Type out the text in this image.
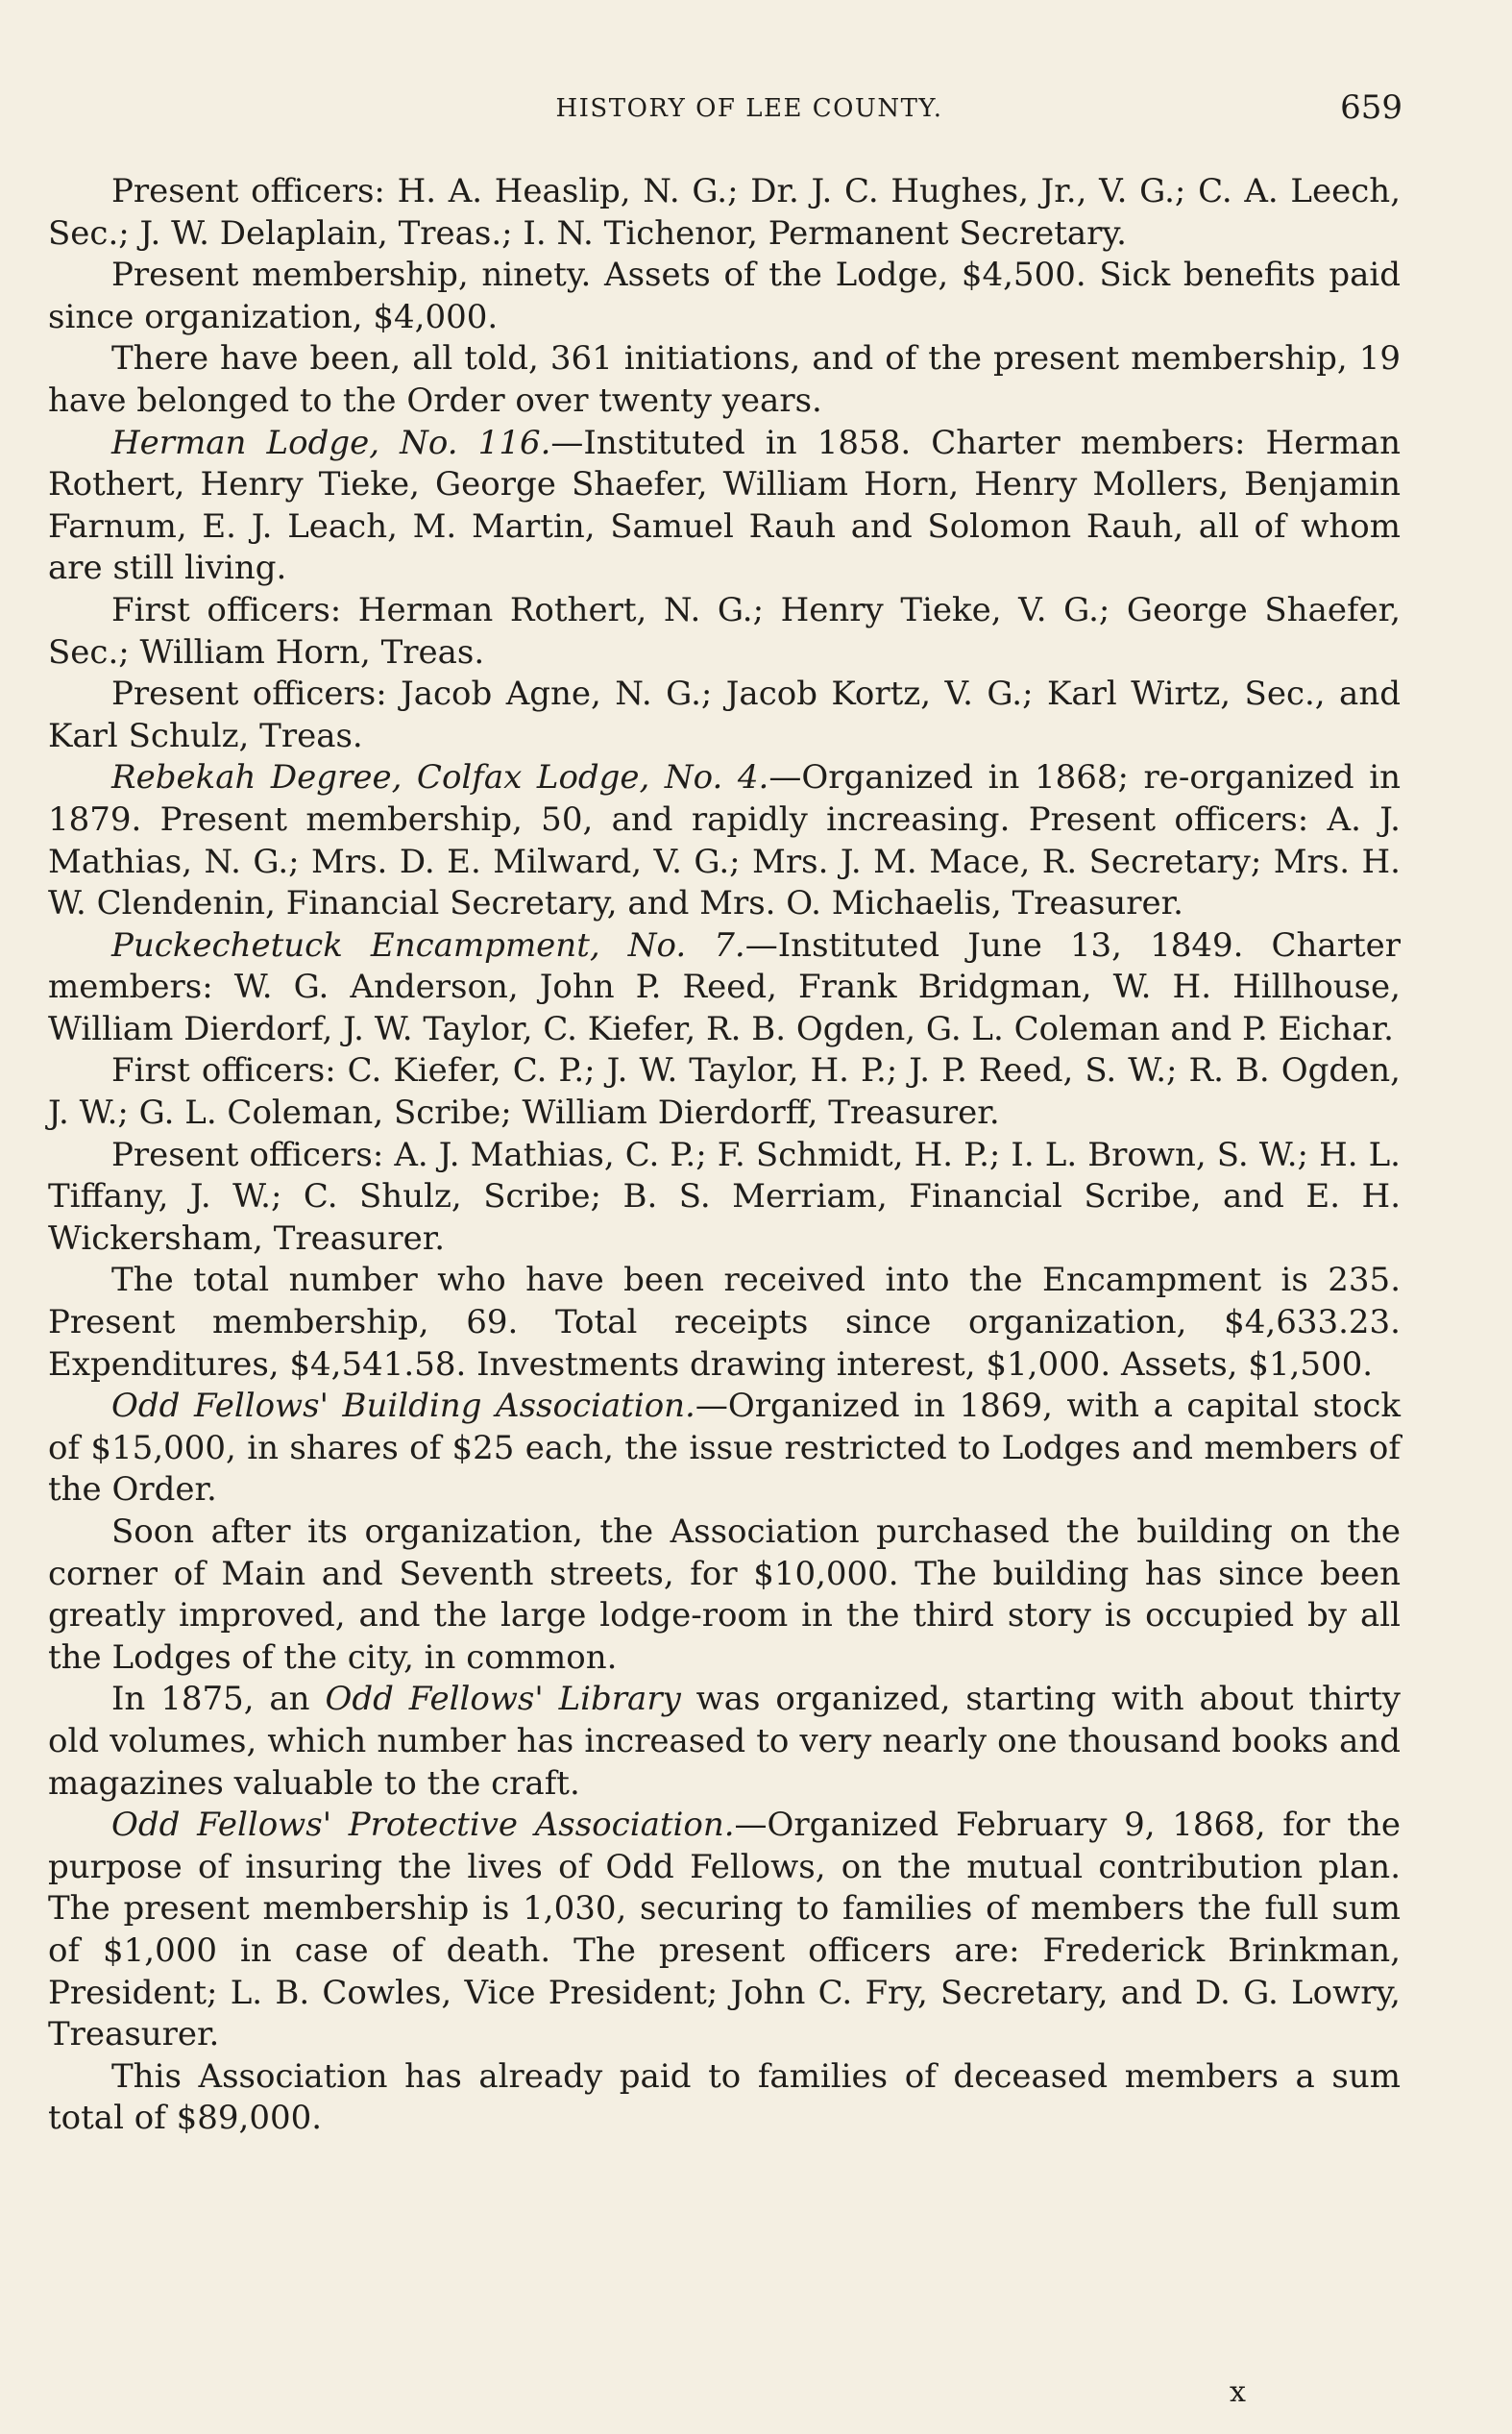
HISTORY OF LEE COUNTY.	659

Present officers: H. A. Heaslip, N. G.; Dr. J. C. Hughes, Jr., V. G.; C. A. Leech, Sec.; J. W. Delaplain, Treas.; I. N. Tichenor, Permanent Secretary.

Present membership, ninety. Assets of the Lodge, $4,500. Sick benefits paid since organization, $4,000.

There have been, all told, 361 initiations, and of the present membership, 19 have belonged to the Order over twenty years.

Herman Lodge, No. 116.—Instituted in 1858. Charter members: Herman Rothert, Henry Tieke, George Shaefer, William Horn, Henry Mollers, Benjamin Farnum, E. J. Leach, M. Martin, Samuel Rauh and Solomon Rauh, all of whom are still living.

First officers: Herman Rothert, N. G.; Henry Tieke, V. G.; George Shaefer, Sec.; William Horn, Treas.

Present officers: Jacob Agne, N. G.; Jacob Kortz, V. G.; Karl Wirtz, Sec., and Karl Schulz, Treas.

Rebekah Degree, Colfax Lodge, No. 4.—Organized in 1868; re-organized in 1879. Present membership, 50, and rapidly increasing. Present officers: A. J. Mathias, N. G.; Mrs. D. E. Milward, V. G.; Mrs. J. M. Mace, R. Secretary; Mrs. H. W. Clendenin, Financial Secretary, and Mrs. O. Michaelis, Treasurer.

Puckechetuck Encampment, No. 7.—Instituted June 13, 1849. Charter members: W. G. Anderson, John P. Reed, Frank Bridgman, W. H. Hillhouse, William Dierdorf, J. W. Taylor, C. Kiefer, R. B. Ogden, G. L. Coleman and P. Eichar.

First officers: C. Kiefer, C. P.; J. W. Taylor, H. P.; J. P. Reed, S. W.; R. B. Ogden, J. W.; G. L. Coleman, Scribe; William Dierdorff, Treasurer.

Present officers: A. J. Mathias, C. P.; F. Schmidt, H. P.; I. L. Brown, S. W.; H. L. Tiffany, J. W.; C. Shulz, Scribe; B. S. Merriam, Financial Scribe, and E. H. Wickersham, Treasurer.

The total number who have been received into the Encampment is 235. Present membership, 69. Total receipts since organization, $4,633.23. Expenditures, $4,541.58. Investments drawing interest, $1,000. Assets, $1,500.

Odd Fellows' Building Association.—Organized in 1869, with a capital stock of $15,000, in shares of $25 each, the issue restricted to Lodges and members of the Order.

Soon after its organization, the Association purchased the building on the corner of Main and Seventh streets, for $10,000. The building has since been greatly improved, and the large lodge-room in the third story is occupied by all the Lodges of the city, in common.

In 1875, an Odd Fellows' Library was organized, starting with about thirty old volumes, which number has increased to very nearly one thousand books and magazines valuable to the craft.

Odd Fellows' Protective Association.—Organized February 9, 1868, for the purpose of insuring the lives of Odd Fellows, on the mutual contribution plan. The present membership is 1,030, securing to families of members the full sum of $1,000 in case of death. The present officers are: Frederick Brinkman, President; L. B. Cowles, Vice President; John C. Fry, Secretary, and D. G. Lowry, Treasurer.

This Association has already paid to families of deceased members a sum total of $89,000.

x
